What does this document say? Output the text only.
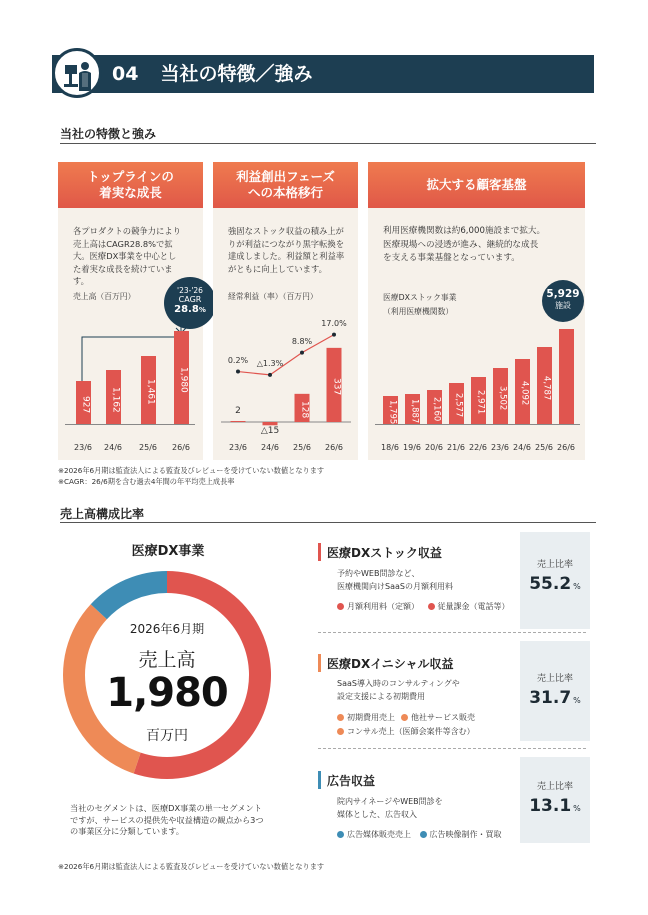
04 当社の特徴／強み
当社の特徴と強み
トップラインの
着実な成長
各プロダクトの競争力により
売上高はCAGR28.8%で拡
大。医療DX事業を中心とし
た着実な成長を続けていま
す。
売上高（百万円）
'23-'26
CAGR
28.8%
927	1,162	1,461	1,980
23/6	24/6	25/6	26/6
利益創出フェーズ
への本格移行
強固なストック収益の積み上が
りが利益につながり黒字転換を
達成しました。利益額と利益率
がともに向上しています。
経常利益（率）（百万円）
0.2%	△1.3%
8.8%
17.0%
2
△15
128
337
23/6	24/6	25/6	26/6
拡大する顧客基盤
利用医療機関数は約6,000施設まで拡大。
医療現場への浸透が進み、継続的な成長
を支える事業基盤となっています。
医療DXストック事業
（利用医療機関数）
5,929
施設
1,795	1,887	2,160	2,577	2,971	3,502	4,092	4,787
18/6 19/6 20/6 21/6 22/6 23/6 24/6 25/6 26/6
※2026年6月期は監査法人による監査及びレビューを受けていない数値となります
※CAGR：26/6期を含む過去4年間の年平均売上成長率
売上高構成比率
医療DX事業
2026年6月期
売上高
1,980
百万円
当社のセグメントは、医療DX事業の単一セグメント
ですが、サービスの提供先や収益構造の観点から3つ
の事業区分に分類しています。
医療DXストック収益
予約やWEB問診など、
医療機関向けSaaSの月額利用料
月額利用料（定額） 従量課金（電話等）
売上比率
55.2 %
医療DXイニシャル収益
SaaS導入時のコンサルティングや
設定支援による初期費用
初期費用売上 他社サービス販売
コンサル売上（医師会案件等含む）
売上比率
31.7 %
広告収益
院内サイネージやWEB問診を
媒体とした、広告収入
広告媒体販売売上 広告映像制作・買取
売上比率
13.1 %
※2026年6月期は監査法人による監査及びレビューを受けていない数値となります
